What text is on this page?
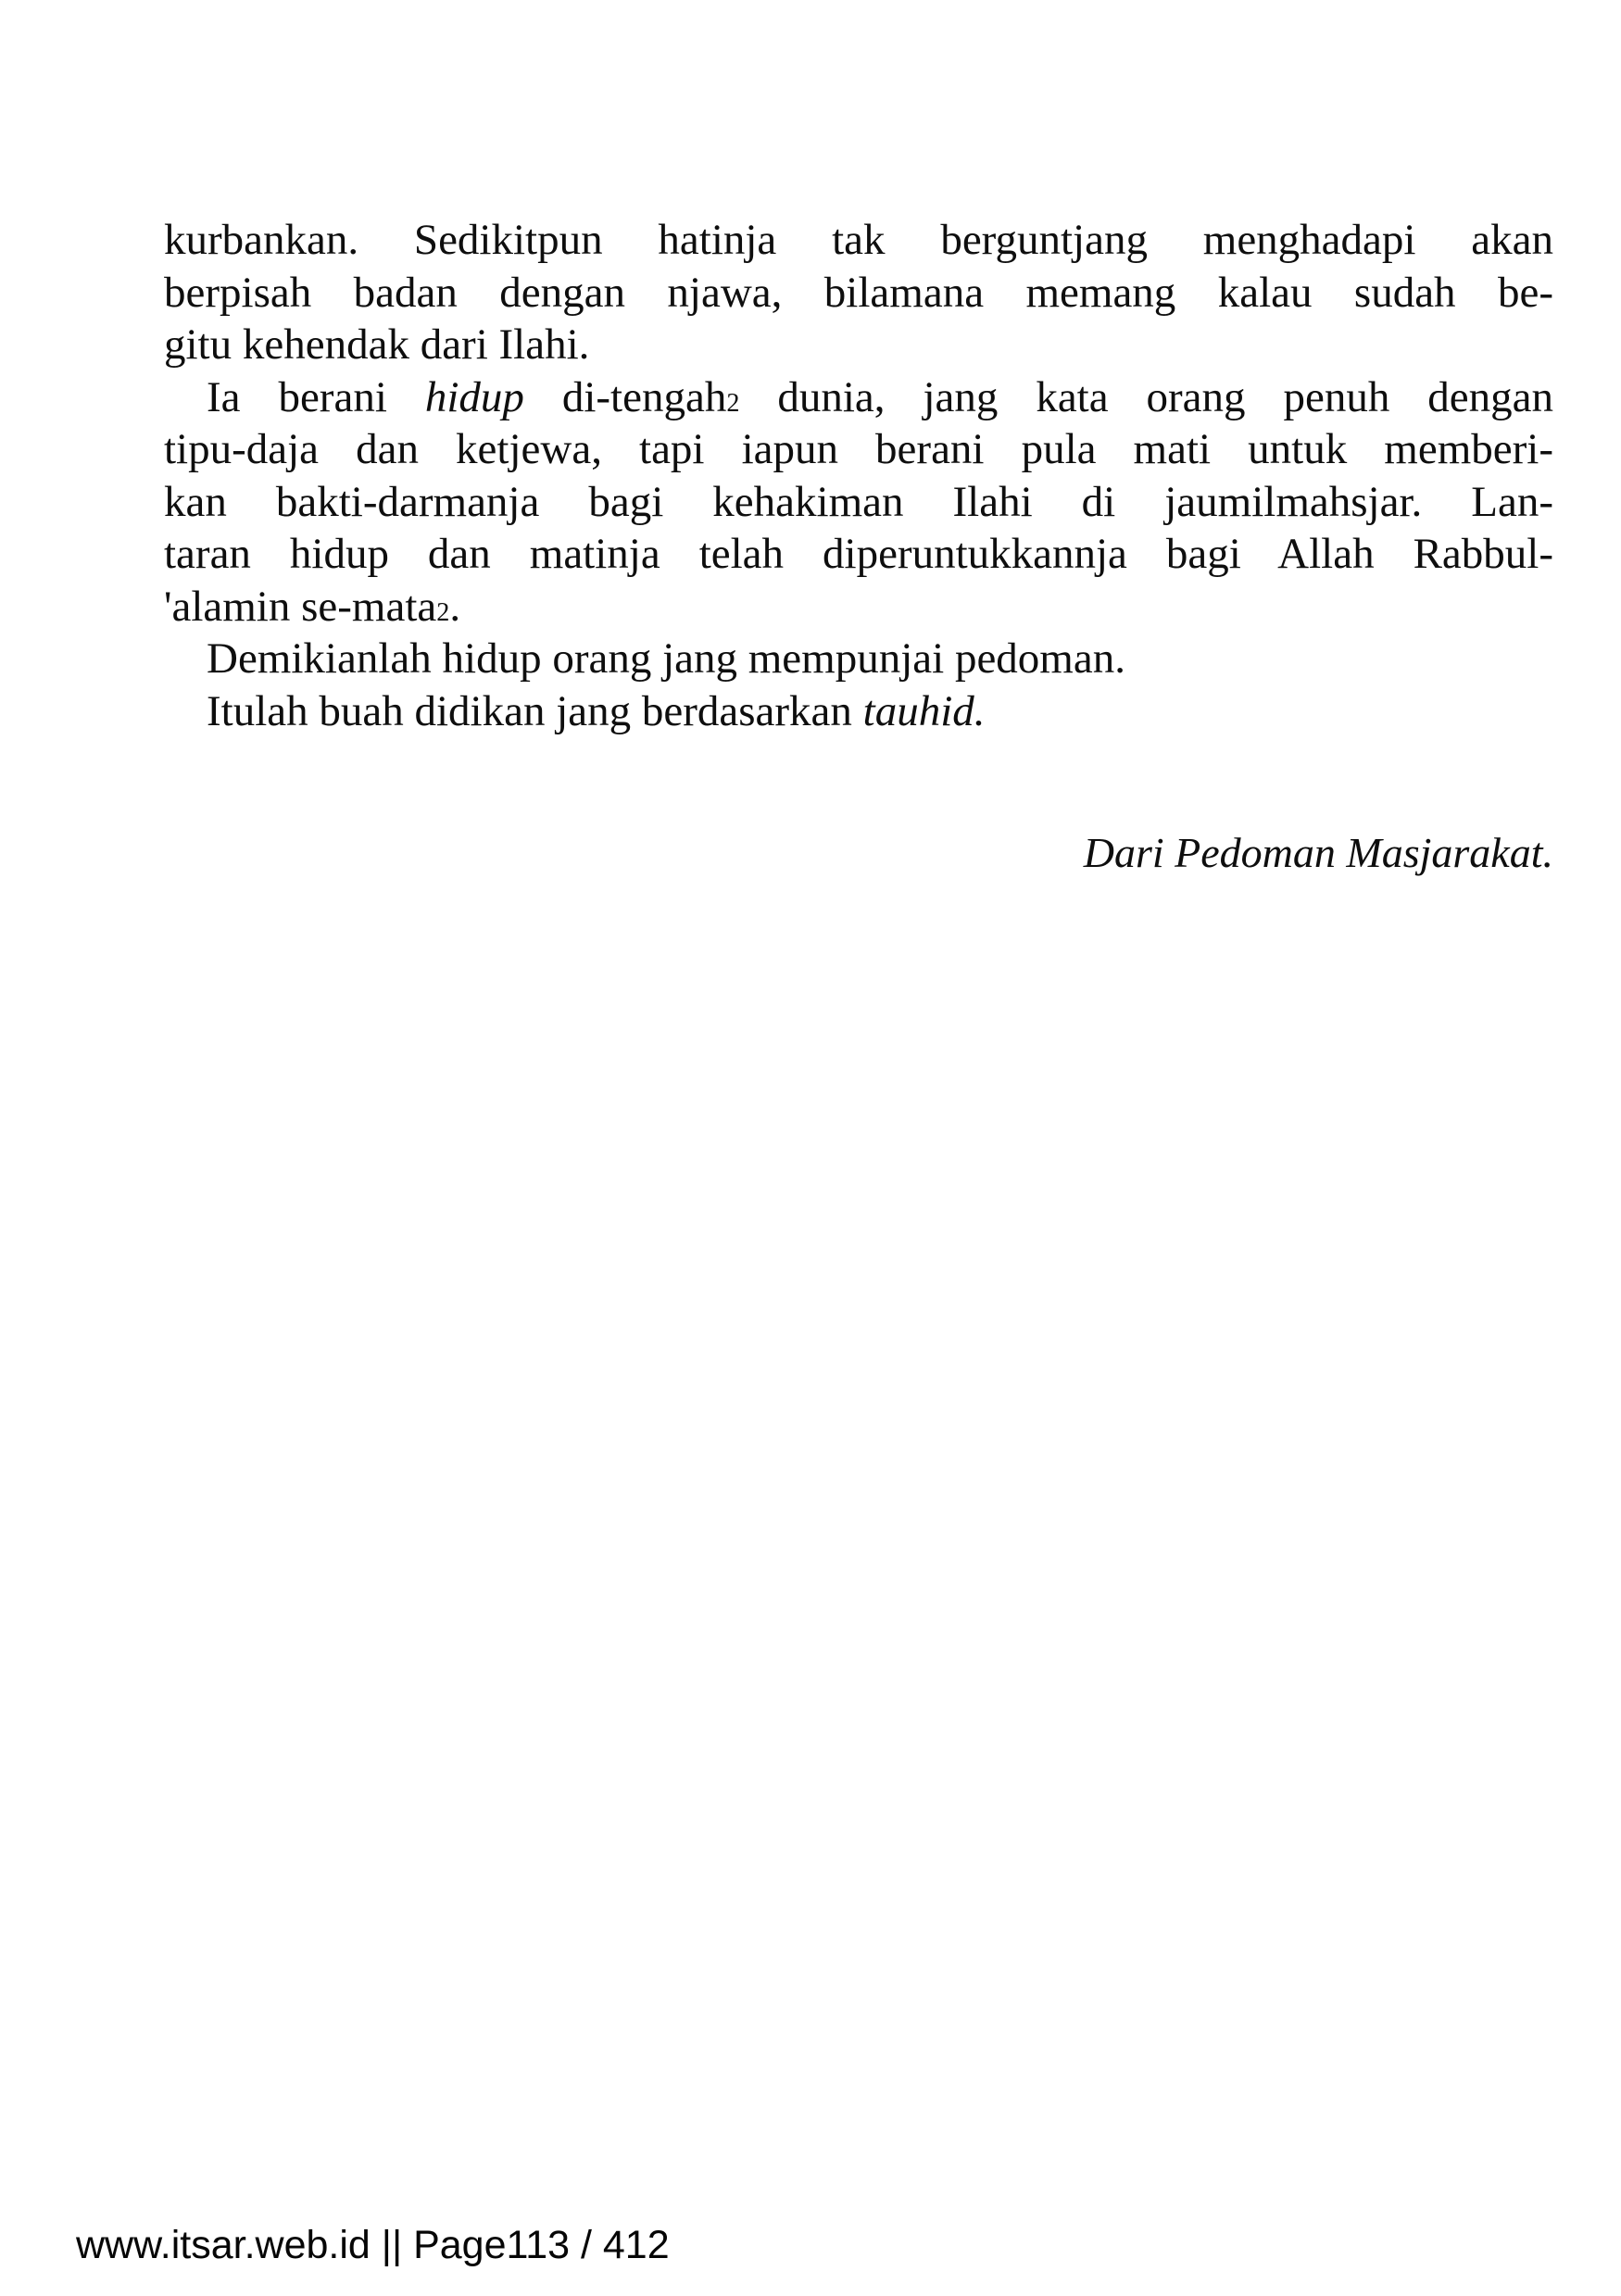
kurbankan. Sedikitpun hatinja tak berguntjang menghadapi akan
berpisah badan dengan njawa, bilamana memang kalau sudah be-
gitu kehendak dari Ilahi.
Ia berani hidup di-tengah$^2$ dunia, jang kata orang penuh dengan
tipu-daja dan ketjewa, tapi iapun berani pula mati untuk memberi-
kan bakti-darmanja bagi kehakiman Ilahi di jaumilmahsjar. Lan-
taran hidup dan matinja telah diperuntukkannja bagi Allah Rabbul-
'alamin se-mata$^2$.
Demikianlah hidup orang jang mempunjai pedoman.
Itulah buah didikan jang berdasarkan tauhid.
Dari Pedoman Masjarakat.
www.itsar.web.id || Page113 / 412
